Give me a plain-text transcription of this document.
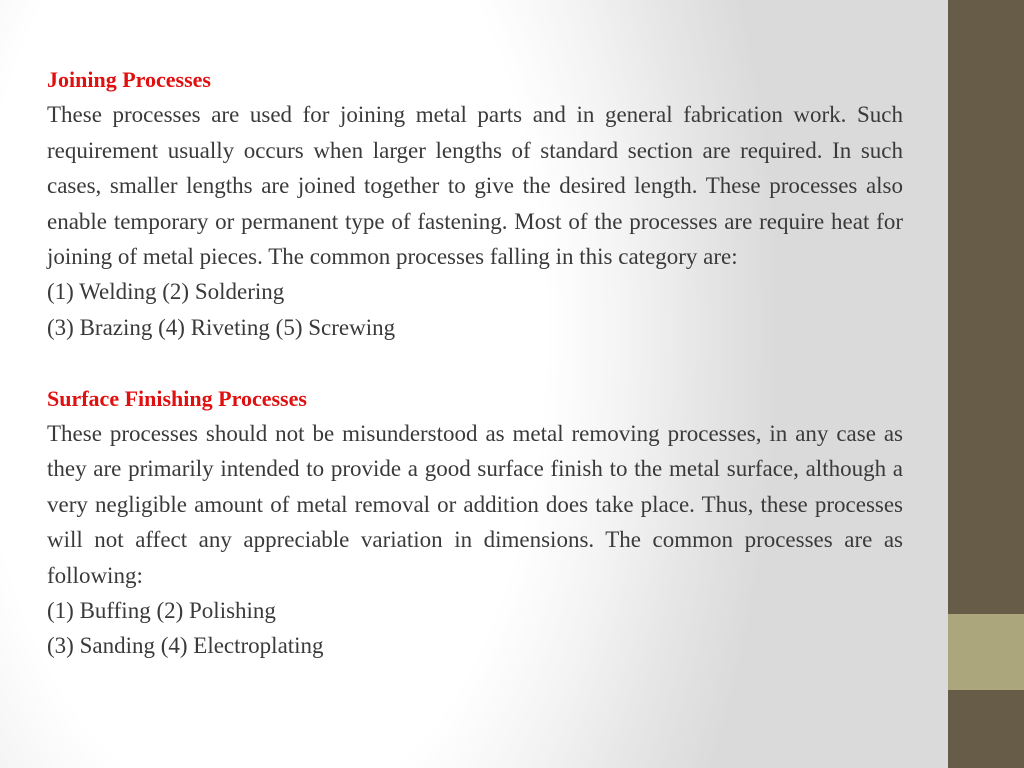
Joining Processes
These processes are used for joining metal parts and in general fabrication work. Such requirement usually occurs when larger lengths of standard section are required. In such cases, smaller lengths are joined together to give the desired length. These processes also enable temporary or permanent type of fastening. Most of the processes are require heat for joining of metal pieces. The common processes falling in this category are:
(1) Welding (2) Soldering
(3) Brazing (4) Riveting (5) Screwing
Surface Finishing Processes
These processes should not be misunderstood as metal removing processes, in any case as they are primarily intended to provide a good surface finish to the metal surface, although a very negligible amount of metal removal or addition does take place. Thus, these processes will not affect any appreciable variation in dimensions. The common processes are as following:
(1) Buffing (2) Polishing
(3) Sanding (4) Electroplating
